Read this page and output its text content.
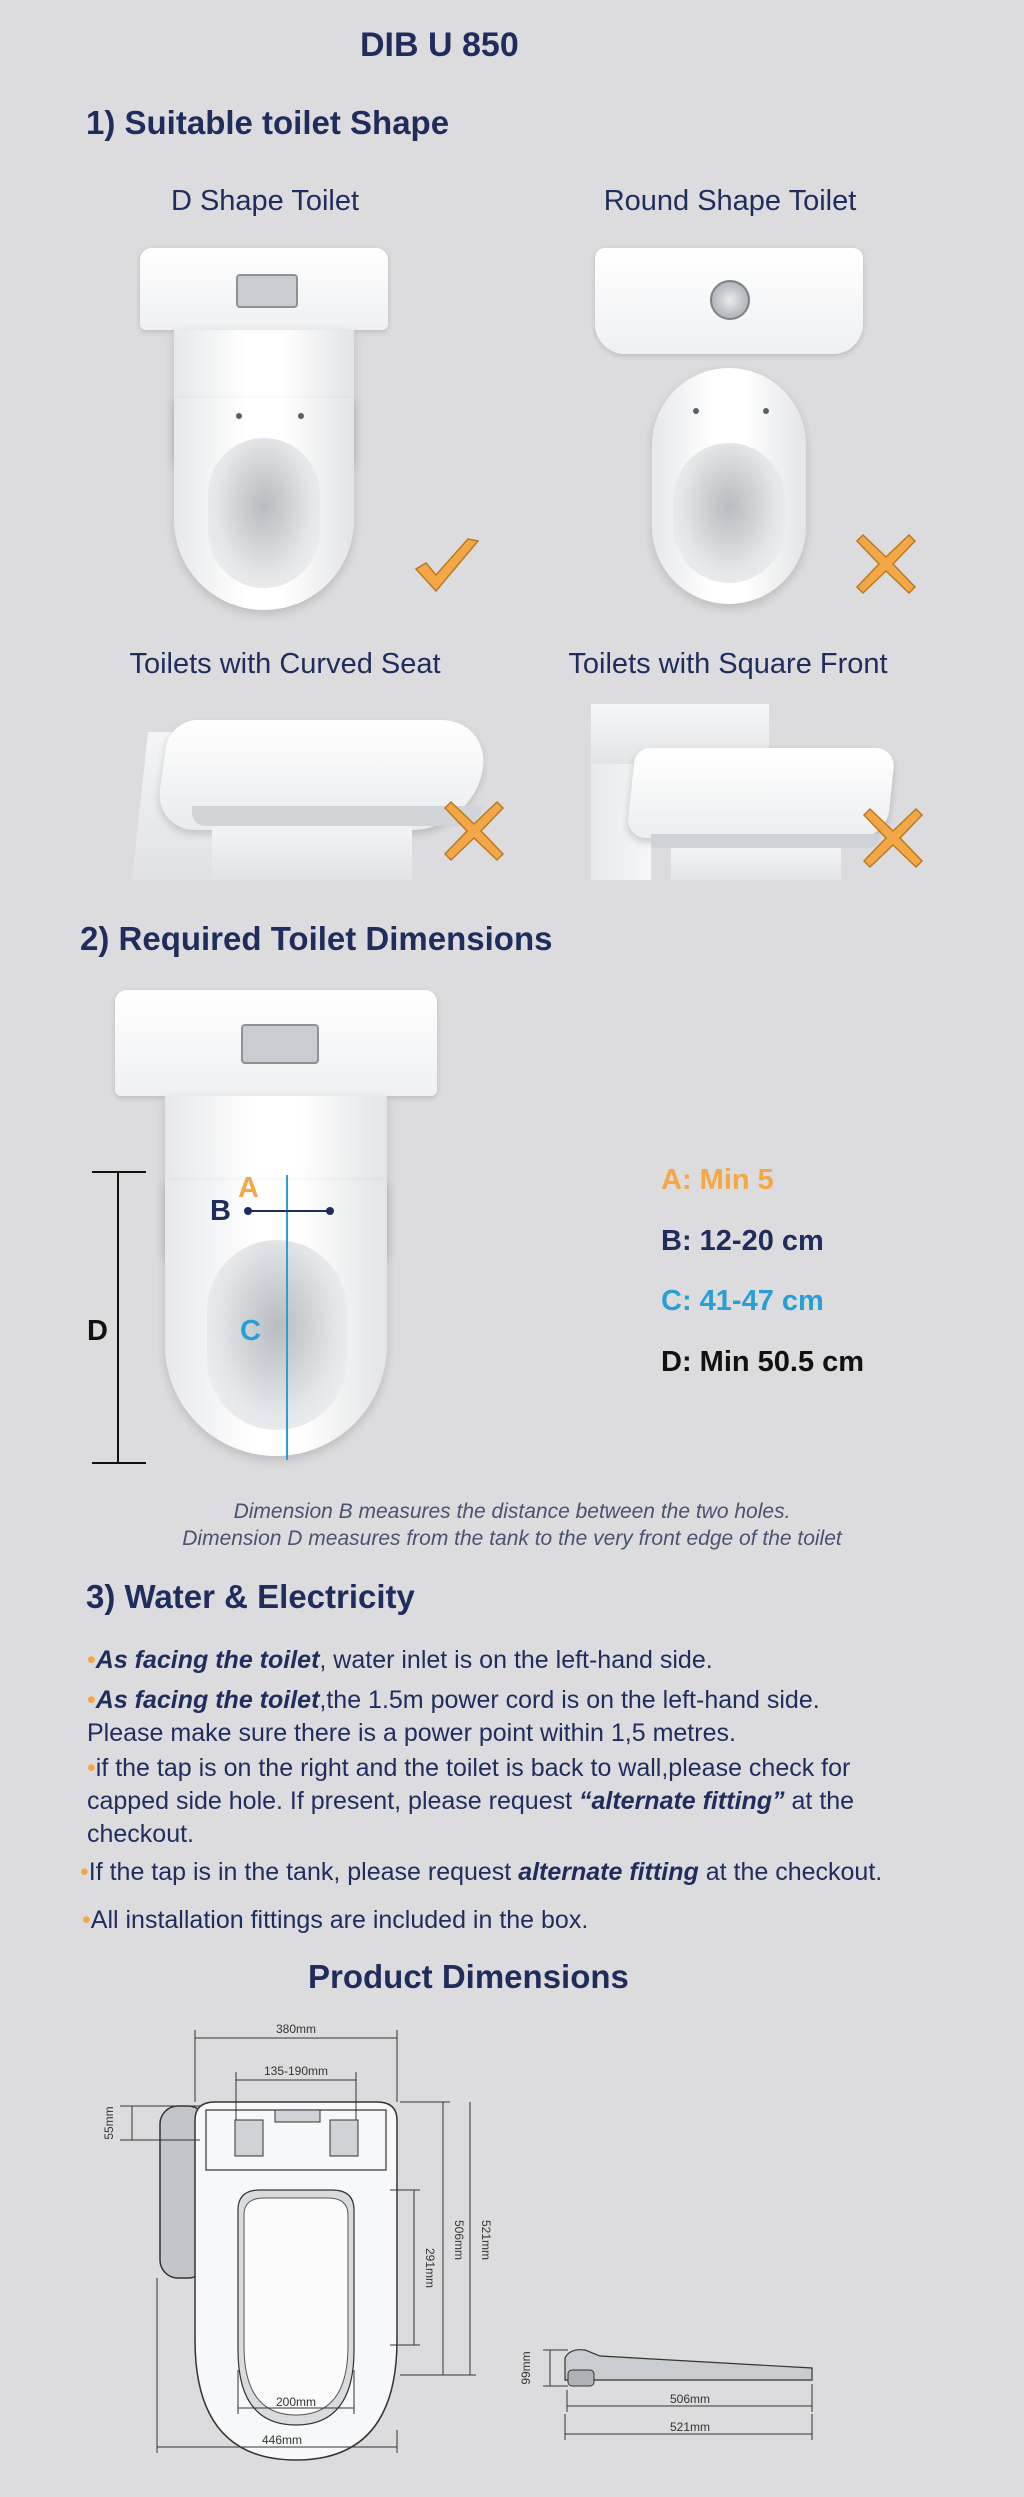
DIB U 850
1) Suitable toilet Shape
D Shape Toilet	Round Shape Toilet
Toilets with Curved Seat	Toilets with Square Front
2) Required Toilet Dimensions
A
B
C
D
A: Min 5
B: 12-20 cm
C: 41-47 cm
D: Min 50.5 cm
Dimension B measures the distance between the two holes.
Dimension D measures from the tank to the very front edge of the toilet
3) Water & Electricity
•As facing the toilet, water inlet is on the left-hand side.
•As facing the toilet,the 1.5m power cord is on the left-hand side.
Please make sure there is a power point within 1,5 metres.
•if the tap is on the right and the toilet is back to wall,please check for
capped side hole. If present, please request “alternate fitting” at the
checkout.
•If the tap is in the tank, please request alternate fitting at the checkout.
•All installation fittings are included in the box.
Product Dimensions
380mm
135-190mm
55mm
291mm
506mm 521mm
200mm
446mm
99mm
506mm
521mm
